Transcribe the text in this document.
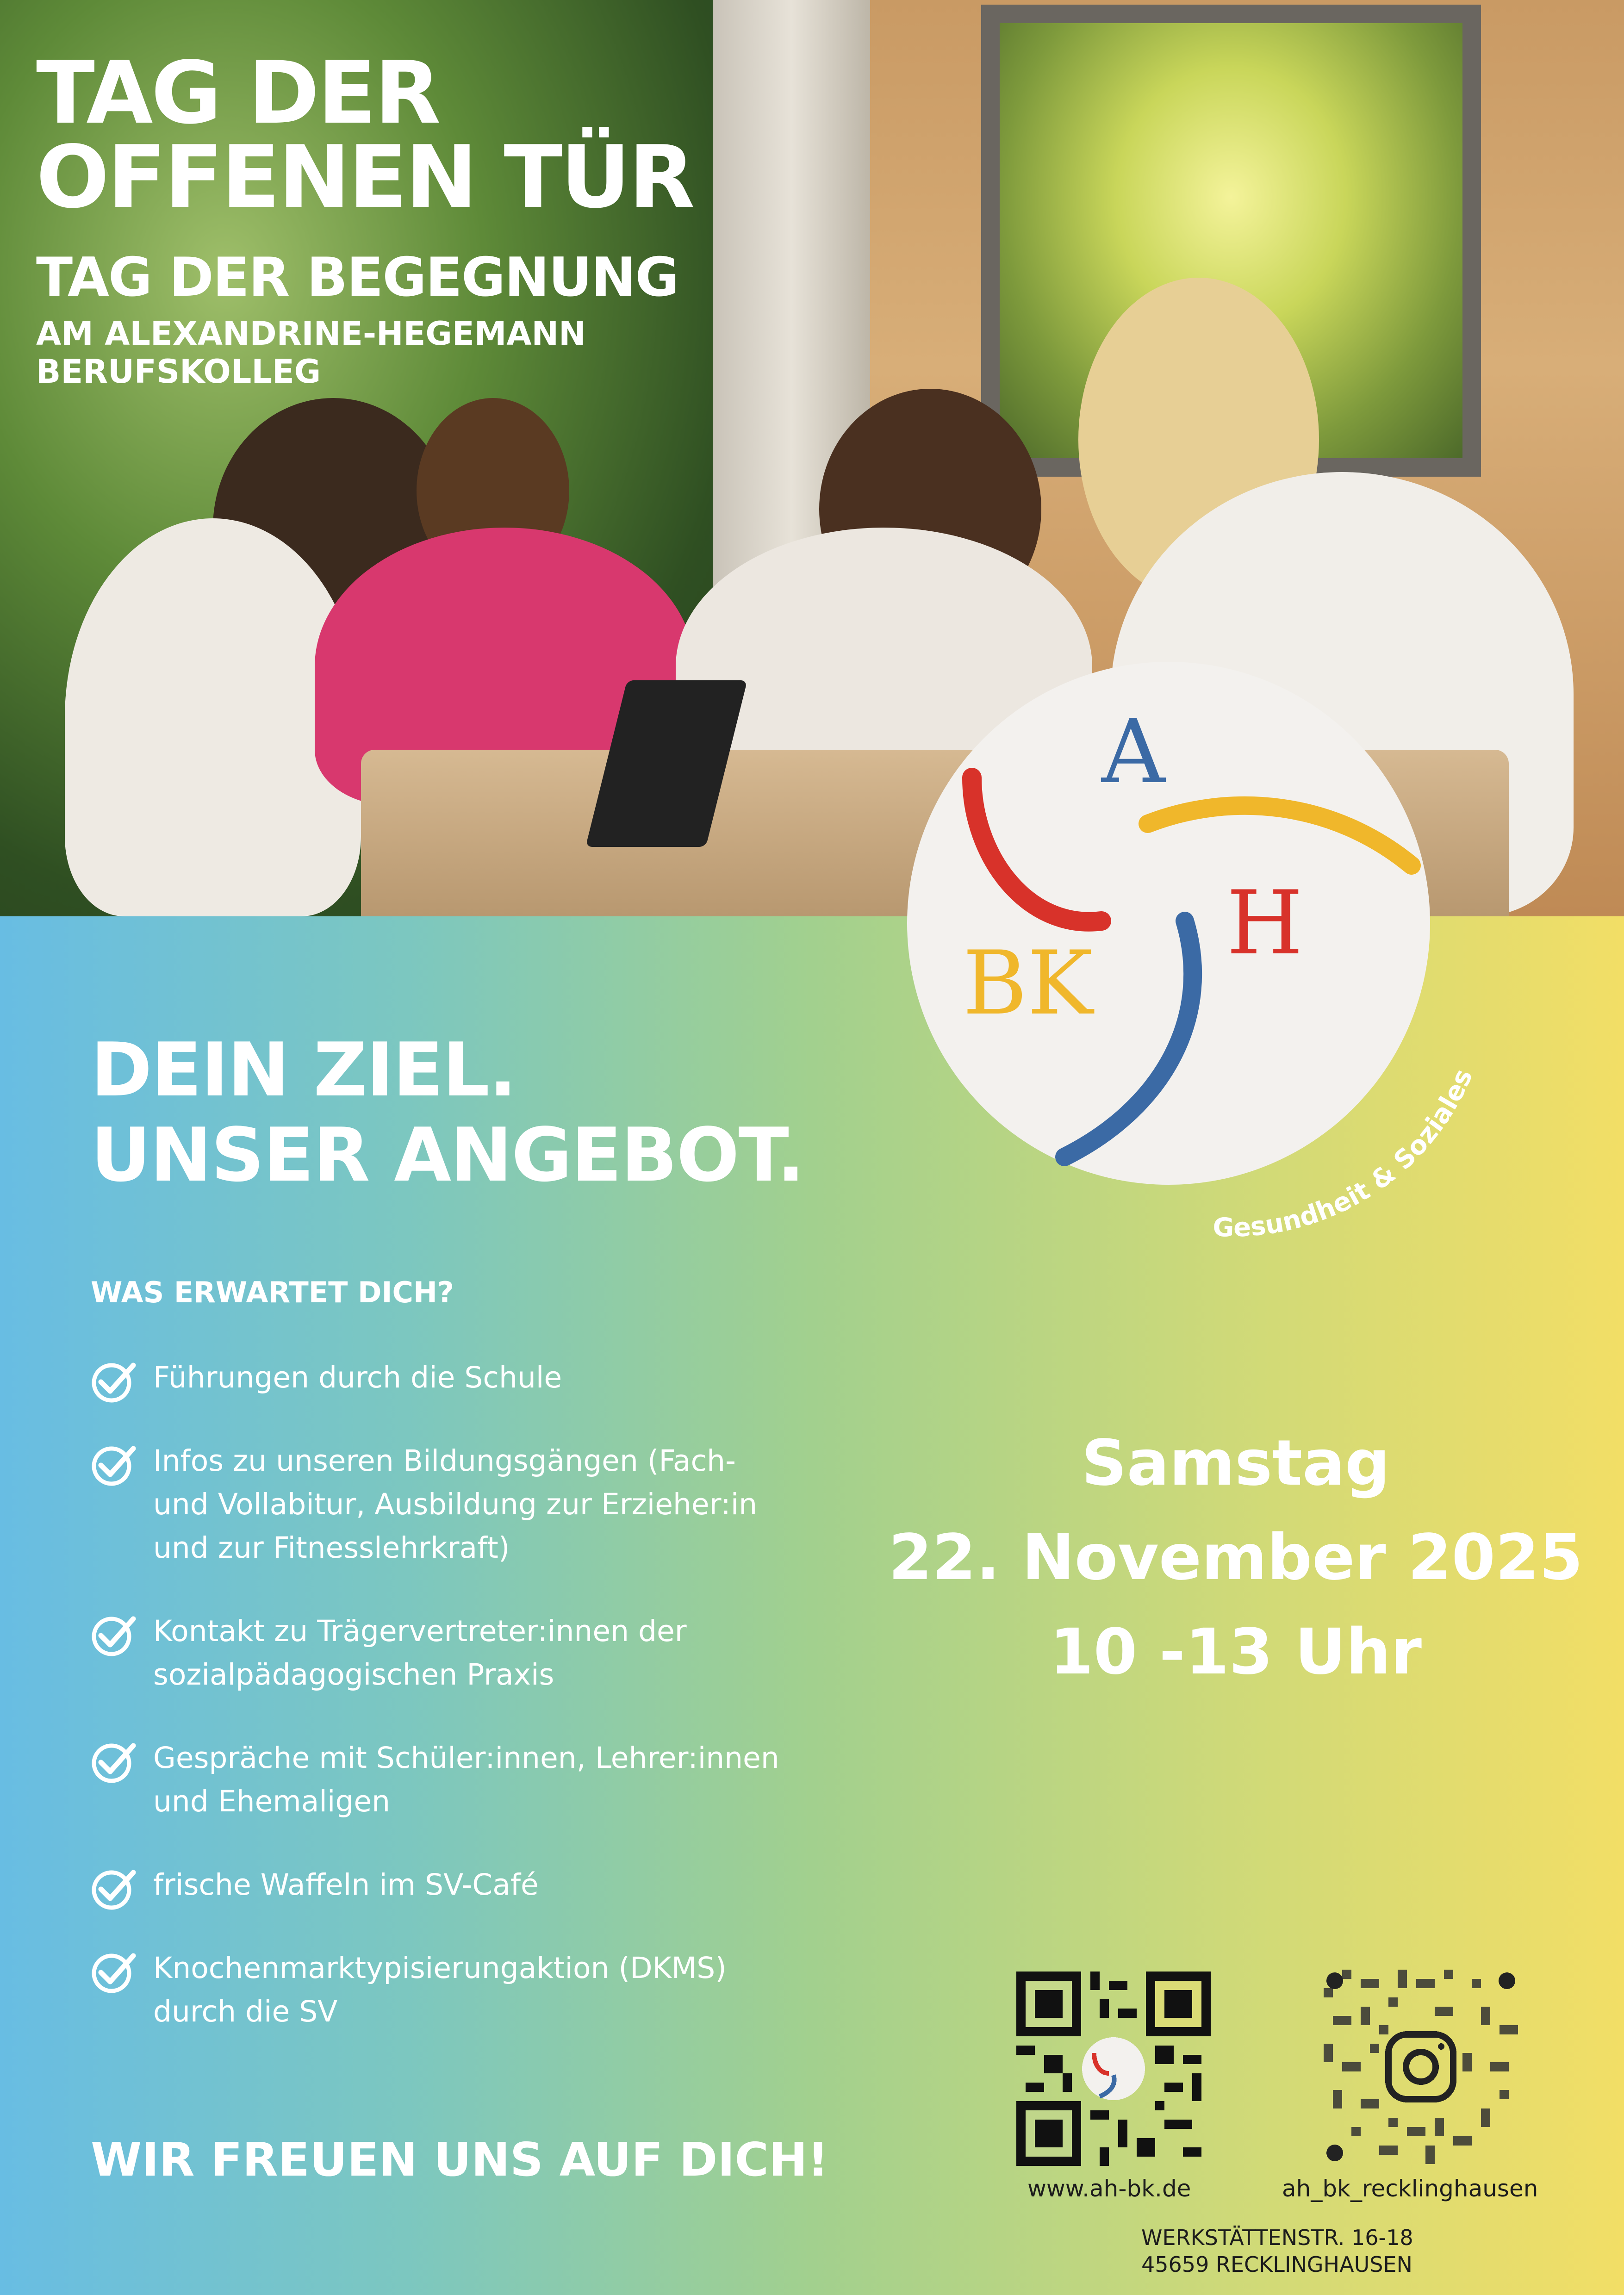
TAG DER
OFFENEN TÜR
TAG DER BEGEGNUNG
AM ALEXANDRINE-HEGEMANN
BERUFSKOLLEG
A
H
BK
Gesundheit & Soziales
DEIN ZIEL.
UNSER ANGEBOT.
WAS ERWARTET DICH?
Führungen durch die Schule
Infos zu unseren Bildungsgängen (Fach-
und Vollabitur, Ausbildung zur Erzieher:in
und zur Fitnesslehrkraft)
Kontakt zu Trägervertreter:innen der
sozialpädagogischen Praxis
Gespräche mit Schüler:innen, Lehrer:innen
und Ehemaligen
frische Waffeln im SV-Café
Knochenmarktypisierungaktion (DKMS)
durch die SV
WIR FREUEN UNS AUF DICH!
Samstag
22. November 2025
10 -13 Uhr
www.ah-bk.de	ah_bk_recklinghausen
WERKSTÄTTENSTR. 16-18
45659 RECKLINGHAUSEN
